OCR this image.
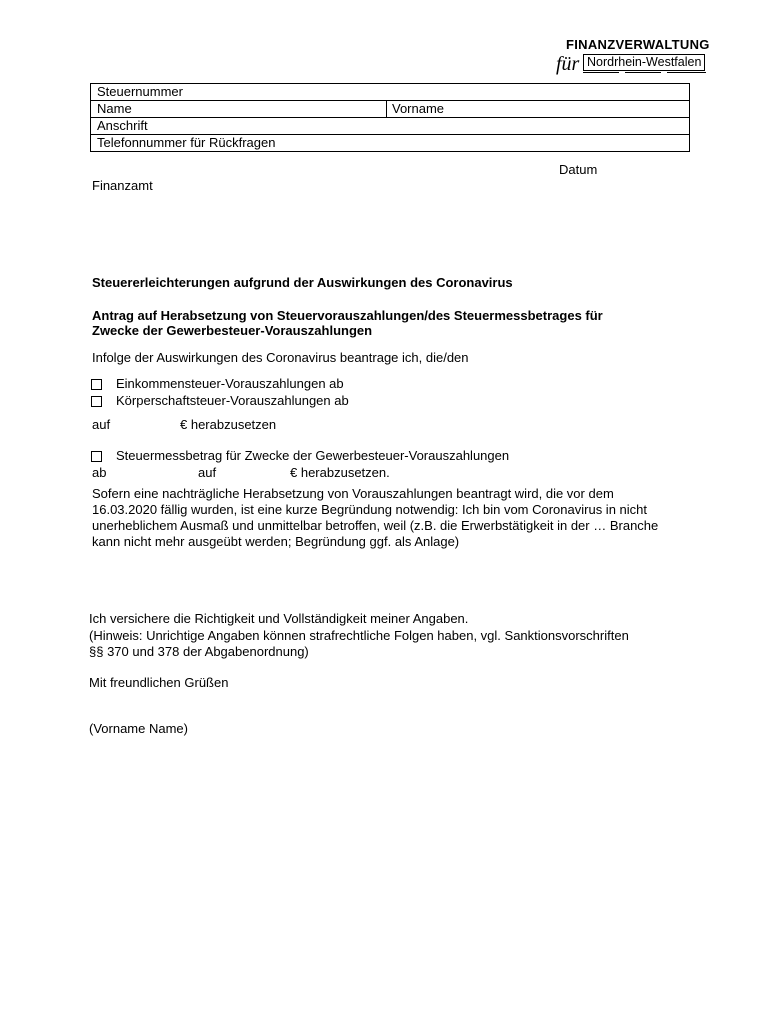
FINANZVERWALTUNG
für Nordrhein-Westfalen
Steuernummer
Name	Vorname
Anschrift
Telefonnummer für Rückfragen
Datum
Finanzamt
Steuererleichterungen aufgrund der Auswirkungen des Coronavirus
Antrag auf Herabsetzung von Steuervorauszahlungen/des Steuermessbetrages für
Zwecke der Gewerbesteuer-Vorauszahlungen
Infolge der Auswirkungen des Coronavirus beantrage ich, die/den
Einkommensteuer-Vorauszahlungen ab
Körperschaftsteuer-Vorauszahlungen ab
auf	€ herabzusetzen
Steuermessbetrag für Zwecke der Gewerbesteuer-Vorauszahlungen
ab	auf	€ herabzusetzen.
Sofern eine nachträgliche Herabsetzung von Vorauszahlungen beantragt wird, die vor dem
16.03.2020 fällig wurden, ist eine kurze Begründung notwendig: Ich bin vom Coronavirus in nicht
unerheblichem Ausmaß und unmittelbar betroffen, weil (z.B. die Erwerbstätigkeit in der … Branche
kann nicht mehr ausgeübt werden; Begründung ggf. als Anlage)
Ich versichere die Richtigkeit und Vollständigkeit meiner Angaben.
(Hinweis: Unrichtige Angaben können strafrechtliche Folgen haben, vgl. Sanktionsvorschriften
§§ 370 und 378 der Abgabenordnung)
Mit freundlichen Grüßen
(Vorname Name)
